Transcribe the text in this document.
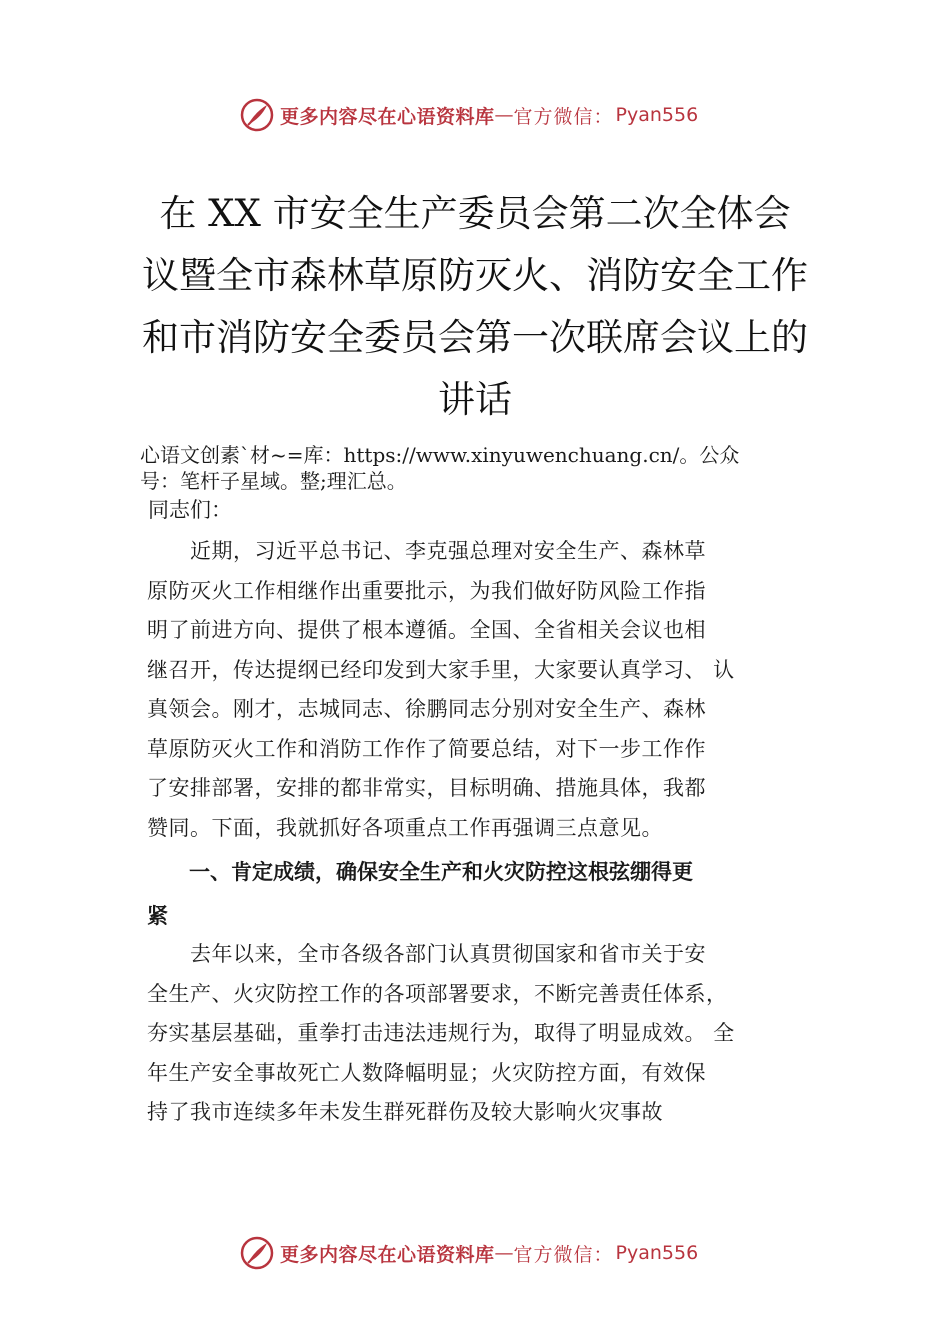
更多内容尽在心语资料库 — 官方微信： Pyan556
在 XX 市安全生产委员会第二次全体会
议暨全市森林草原防灭火、消防安全工作
和市消防安全委员会第一次联席会议上的
讲话
心语文创素`材~=库：https://www.xinyuwenchuang.cn/。公众
号：笔杆子星域。整;理汇总。
同志们：
　　近期，习近平总书记、李克强总理对安全生产、森林草
原防灭火工作相继作出重要批示，为我们做好防风险工作指
明了前进方向、提供了根本遵循。全国、全省相关会议也相
继召开，传达提纲已经印发到大家手里，大家要认真学习、 认
真领会。刚才，志城同志、徐鹏同志分别对安全生产、森林
草原防灭火工作和消防工作作了简要总结，对下一步工作作
了安排部署，安排的都非常实，目标明确、措施具体，我都
赞同。下面，我就抓好各项重点工作再强调三点意见。
　　一、肯定成绩，确保安全生产和火灾防控这根弦绷得更
紧
　　去年以来，全市各级各部门认真贯彻国家和省市关于安
全生产、火灾防控工作的各项部署要求，不断完善责任体系，
夯实基层基础，重拳打击违法违规行为，取得了明显成效。 全
年生产安全事故死亡人数降幅明显；火灾防控方面，有效保
持了我市连续多年未发生群死群伤及较大影响火灾事故
更多内容尽在心语资料库 — 官方微信： Pyan556
